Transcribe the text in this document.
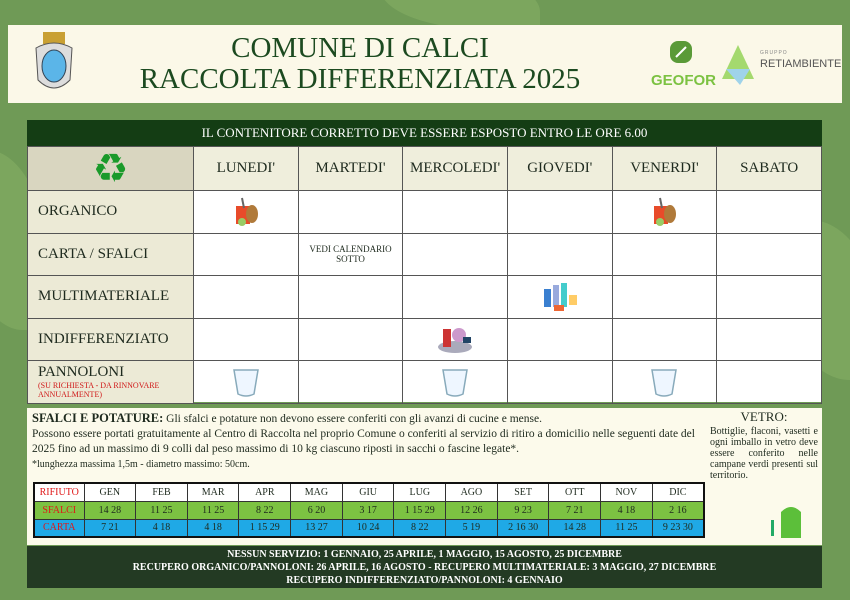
COMUNE DI CALCI
RACCOLTA DIFFERENZIATA 2025	GEOFOR
GRUPPO
RETIAMBIENTE
IL CONTENITORE CORRETTO DEVE ESSERE ESPOSTO ENTRO LE ORE 6.00
♻	LUNEDI'	MARTEDI'	MERCOLEDI'	GIOVEDI'	VENERDI'	SABATO
ORGANICO						
CARTA / SFALCI		VEDI CALENDARIO SOTTO				
MULTIMATERIALE						
INDIFFERENZIATO						
PANNOLONI
(SU RICHIESTA - DA RINNOVARE ANNUALMENTE)

SFALCI E POTATURE: Gli sfalci e potature non devono essere conferiti con gli avanzi di cucine e mense.
Possono essere portati gratuitamente al Centro di Raccolta nel proprio Comune o conferiti al servizio di ritiro a domicilio nelle seguenti date del 2025 fino ad un massimo di 9 colli dal peso massimo di 10 kg ciascuno riposti in sacchi o fascine legate*.
*lunghezza massima 1,5m - diametro massimo: 50cm.
RIFIUTO	GEN	FEB	MAR	APR	MAG	GIU	LUG	AGO	SET	OTT	NOV	DIC
SFALCI	14 28	11 25	11 25	8 22	6 20	3 17	1 15 29	12 26	9 23	7 21	4 18	2 16
CARTA	7 21	4 18	4 18	1 15 29	13 27	10 24	8 22	5 19	2 16 30	14 28	11 25	9 23 30
VETRO:
Bottiglie, flaconi, vasetti e ogni imballo in vetro deve essere conferito nelle campane verdi presenti sul territorio.
NESSUN SERVIZIO: 1 GENNAIO, 25 APRILE, 1 MAGGIO, 15 AGOSTO, 25 DICEMBRE
RECUPERO ORGANICO/PANNOLONI: 26 APRILE, 16 AGOSTO - RECUPERO MULTIMATERIALE: 3 MAGGIO, 27 DICEMBRE
RECUPERO INDIFFERENZIATO/PANNOLONI: 4 GENNAIO
